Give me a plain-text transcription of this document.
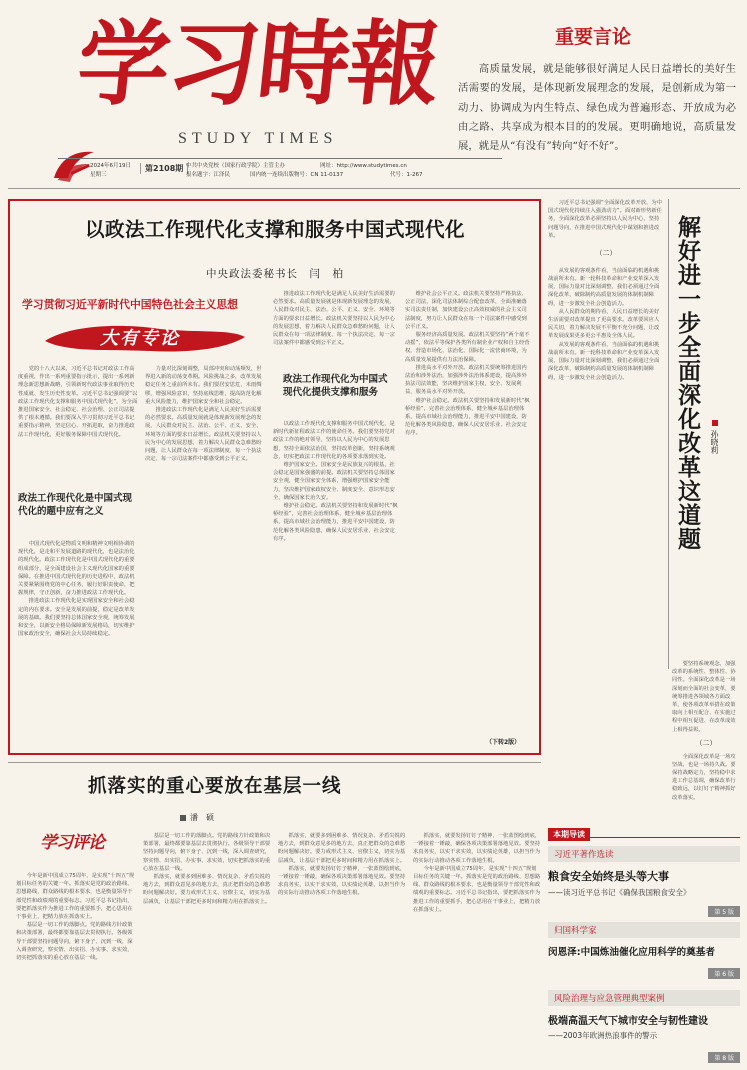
学习時報
STUDY TIMES
2024年6月19日
星期三
第2108期 中共中央党校（国家行政学院）主管主办	网址：http://www.studytimes.cn
报名题字：江泽民	国内统一连续出版物号：CN 11-0137	代号：1-267
重要言论
高质量发展，就是能够很好满足人民日益增长的美好生活需要的发展，是体现新发展理念的发展，是创新成为第一动力、协调成为内生特点、绿色成为普遍形态、开放成为必由之路、共享成为根本目的的发展。更明确地说，高质量发展，就是从“有没有”转向“好不好”。
以政法工作现代化支撑和服务中国式现代化
中央政法委秘书长　闫　柏
学习贯彻习近平新时代中国特色社会主义思想
大有专论

党的十八大以来，习近平总书记对政法工作高度重视，作出一系列重要指示批示，提出一系列新理念新思想新战略，引领新时代政法事业取得历史性成就、发生历史性变革。习近平总书记强调要“以政法工作现代化支撑和服务中国式现代化”，为全面推进国家安全、社会稳定、社会治理、公正司法提供了根本遵循。我们要深入学习贯彻习近平总书记重要指示精神，坚定信心、开拓进取，奋力推进政法工作现代化，更好服务保障中国式现代化。

政法工作现代化是中国式现代化的题中应有之义

中国式现代化是物质文明和精神文明相协调的现代化，是走和平发展道路的现代化，也是法治化的现代化。政法工作现代化是中国式现代化的重要组成部分，是全面建设社会主义现代化国家的重要保障。在推进中国式现代化的历史进程中，政法机关要紧紧围绕党的中心任务，履行好职责使命，把握规律，守正创新，奋力推进政法工作现代化。

推进政法工作现代化是实现国家安全和社会稳定的内在要求。安全是发展的前提，稳定是改革发展的基础。我们要坚持总体国家安全观，统筹发展和安全，以新安全格局保障新发展格局，切实维护国家政治安全，确保社会大局持续稳定。

力量对比深刻调整，局部冲突和动荡频发，世界进入新的动荡变革期。风险挑战之多，改革发展稳定任务之重前所未有。我们要居安思危、未雨绸缪，增强风险意识，坚持底线思维，提高防范化解重大风险能力，维护国家安全和社会稳定。

推进政法工作现代化是满足人民美好生活需要的必然要求。高质量发展就是体现新发展理念的发展，人民群众对民主、法治、公平、正义、安全、环境等方面的要求日益增长。政法机关要坚持以人民为中心的发展思想，着力解决人民群众急难愁盼问题，让人民群众在每一项法律制度、每一个执法决定、每一宗司法案件中都感受到公平正义。

推进政法工作现代化是满足人民美好生活需要的必然要求。高质量发展就是体现新发展理念的发展，人民群众对民主、法治、公平、正义、安全、环境等方面的要求日益增长。政法机关要坚持以人民为中心的发展思想，着力解决人民群众急难愁盼问题，让人民群众在每一项法律制度、每一个执法决定、每一宗司法案件中都感受到公平正义。

政法工作现代化为中国式现代化提供支撑和服务

以政法工作现代化支撑和服务中国式现代化，是新时代新征程政法工作的使命任务。我们要坚持党对政法工作的绝对领导，坚持以人民为中心的发展思想，坚持全面依法治国，坚持改革创新，坚持系统观念，切实把政法工作现代化的各项要求落到实处。

维护国家安全。国家安全是民族复兴的根基，社会稳定是国家强盛的前提。政法机关要坚持总体国家安全观，健全国家安全体系，增强维护国家安全能力，坚决维护国家政权安全、制度安全、意识形态安全，确保国家长治久安。

维护社会稳定。政法机关要坚持和发展新时代“枫桥经验”，完善社会治理体系，健全城乡基层治理体系，提高市域社会治理能力，推进平安中国建设，防范化解各类风险隐患，确保人民安居乐业、社会安定有序。

维护社会公平正义。政法机关要坚持严格执法、公正司法，深化司法体制综合配套改革，全面准确落实司法责任制，加快建设公正高效权威的社会主义司法制度，努力让人民群众在每一个司法案件中感受到公平正义。

服务经济高质量发展。政法机关要坚持“两个毫不动摇”，依法平等保护各类所有制企业产权和自主经营权，营造市场化、法治化、国际化一流营商环境，为高质量发展提供有力法治保障。

推进高水平对外开放。政法机关要统筹推进国内法治和涉外法治，加强涉外法治体系建设，提高涉外执法司法效能，坚决维护国家主权、安全、发展利益，服务高水平对外开放。

维护社会稳定。政法机关要坚持和发展新时代“枫桥经验”，完善社会治理体系，健全城乡基层治理体系，提高市域社会治理能力，推进平安中国建设，防范化解各类风险隐患，确保人民安居乐业、社会安定有序。

（下转2版）

习近平总书记强调“全面深化改革开放，为中国式现代化持续注入强劲动力”。面对新形势新任务，全面深化改革必须坚持以人民为中心，坚持问题导向，在推进中国式现代化中谋划和推进改革。

（二）

从发展的客观条件看，当前面临的机遇和挑战前所未有。新一轮科技革命和产业变革深入发展，国际力量对比深刻调整，我们必须通过全面深化改革，破除制约高质量发展的体制机制障碍，进一步激发全社会创造活力。

从人民群众的期待看，人民日益增长的美好生活需要对改革提出了更高要求。改革要回应人民关切，着力解决发展不平衡不充分问题，让改革发展成果更多更公平惠及全体人民。

从发展的客观条件看，当前面临的机遇和挑战前所未有。新一轮科技革命和产业变革深入发展，国际力量对比深刻调整，我们必须通过全面深化改革，破除制约高质量发展的体制机制障碍，进一步激发全社会创造活力。	解好进一步全面深化改革这道题 孙晓莉

要坚持系统观念，加强改革的系统性、整体性、协同性。全面深化改革是一场深刻而全面的社会变革，要统筹推进各领域各方面改革，使各项改革举措在政策取向上相互配合、在实施过程中相互促进、在改革成效上相得益彰。

（二）

全面深化改革是一场攻坚战，也是一场持久战。要保持战略定力，坚持稳中求进工作总基调，确保改革行稳致远，以钉钉子精神抓好改革落实。

抓落实的重心要放在基层一线
潘　硕
学习评论

今年是新中国成立75周年，是实现“十四五”规划目标任务的关键一年。抓落实是党的政治路线、思想路线、群众路线的根本要求，也是衡量领导干部党性和政绩观的重要标志。习近平总书记指出，要把抓落实作为推进工作的重要抓手，把心思用在干事业上，把精力放在抓落实上。

基层是一切工作的落脚点。党的路线方针政策和决策部署，最终都要靠基层去贯彻执行。各级领导干部要坚持问题导向，俯下身子、沉到一线，深入调查研究，察实情、出实招、办实事、求实效，切实把抓落实的重心放在基层一线。

基层是一切工作的落脚点。党的路线方针政策和决策部署，最终都要靠基层去贯彻执行。各级领导干部要坚持问题导向，俯下身子、沉到一线，深入调查研究，察实情、出实招、办实事、求实效，切实把抓落实的重心放在基层一线。

抓落实，就要多到困难多、情况复杂、矛盾尖锐的地方去，到群众意见多的地方去，真正把群众的急难愁盼问题解决好。要力戒形式主义、官僚主义，切实为基层减负，让基层干部把更多时间和精力用在抓落实上。

抓落实，就要多到困难多、情况复杂、矛盾尖锐的地方去，到群众意见多的地方去，真正把群众的急难愁盼问题解决好。要力戒形式主义、官僚主义，切实为基层减负，让基层干部把更多时间和精力用在抓落实上。

抓落实，就要发扬钉钉子精神，一张蓝图绘到底，一锤接着一锤敲，确保各项决策部署落地见效。要坚持求真务实，以实干求实效，以实绩论英雄，以担当作为的实际行动推动各项工作落地生根。

抓落实，就要发扬钉钉子精神，一张蓝图绘到底，一锤接着一锤敲，确保各项决策部署落地见效。要坚持求真务实，以实干求实效，以实绩论英雄，以担当作为的实际行动推动各项工作落地生根。

今年是新中国成立75周年，是实现“十四五”规划目标任务的关键一年。抓落实是党的政治路线、思想路线、群众路线的根本要求，也是衡量领导干部党性和政绩观的重要标志。习近平总书记指出，要把抓落实作为推进工作的重要抓手，把心思用在干事业上，把精力放在抓落实上。

本期导读
习近平著作选读
粮食安全始终是头等大事
——读习近平总书记《确保我国粮食安全》
第 5 版
归国科学家
闵恩泽:中国炼油催化应用科学的奠基者
第 6 版
风险治理与应急管理典型案例
极端高温天气下城市安全与韧性建设
——2003年欧洲热浪事件的警示
第 8 版
